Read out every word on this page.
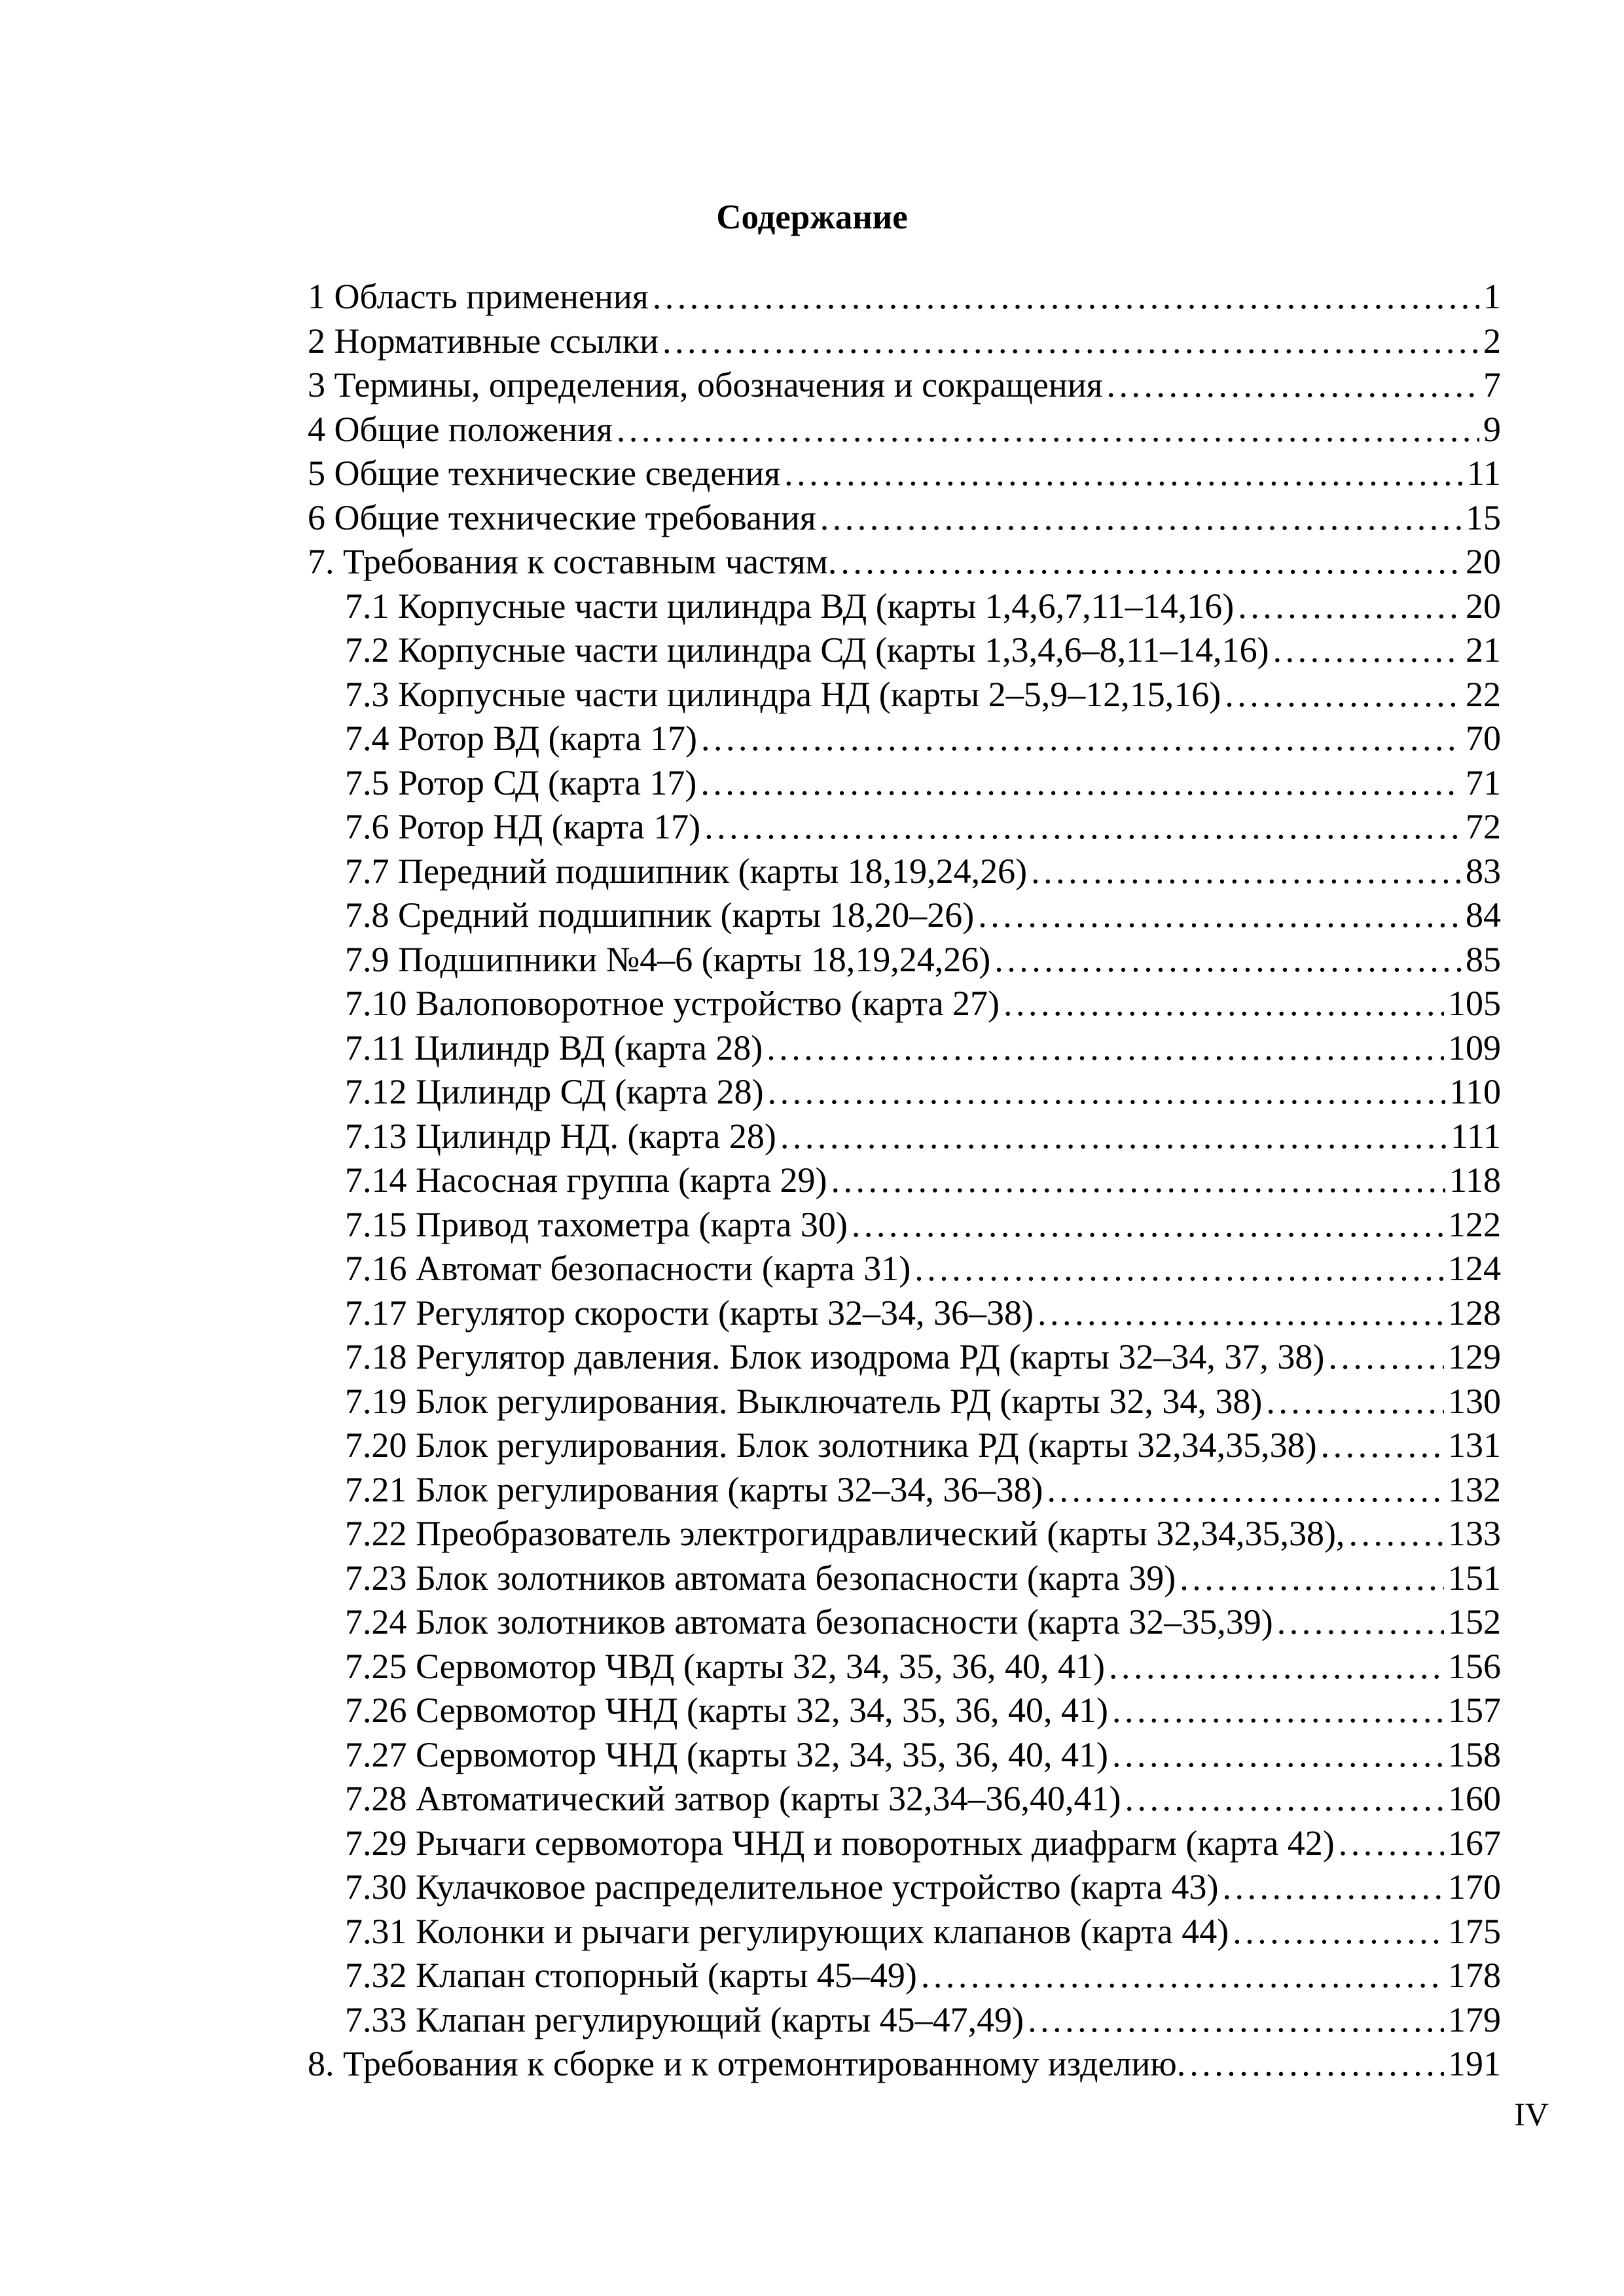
Содержание
1 Область применения . . .	1
2 Нормативные ссылки . . .	2
3 Термины, определения, обозначения и сокращения . . .	7
4 Общие положения . . .	9
5 Общие технические сведения . . .	11
6 Общие технические требования . . .	15
7. Требования к составным частям. . . .	20
7.1 Корпусные части цилиндра ВД (карты 1,4,6,7,11–14,16) . . .	20
7.2 Корпусные части цилиндра СД (карты 1,3,4,6–8,11–14,16) . . .	21
7.3 Корпусные части цилиндра НД (карты 2–5,9–12,15,16) . . .	22
7.4 Ротор ВД (карта 17) . . .	70
7.5 Ротор СД (карта 17) . . .	71
7.6 Ротор НД (карта 17) . . .	72
7.7 Передний подшипник (карты 18,19,24,26) . . .	83
7.8 Средний подшипник (карты 18,20–26) . . .	84
7.9 Подшипники №4–6 (карты 18,19,24,26) . . .	85
7.10 Валоповоротное устройство (карта 27) . . .	105
7.11 Цилиндр ВД (карта 28) . . .	109
7.12 Цилиндр СД (карта 28) . . .	110
7.13 Цилиндр НД. (карта 28) . . .	111
7.14 Насосная группа (карта 29) . . .	118
7.15 Привод тахометра (карта 30) . . .	122
7.16 Автомат безопасности (карта 31) . . .	124
7.17 Регулятор скорости (карты 32–34, 36–38) . . .	128
7.18 Регулятор давления. Блок изодрома РД (карты 32–34, 37, 38) . . .	129
7.19 Блок регулирования. Выключатель РД (карты 32, 34, 38) . . .	130
7.20 Блок регулирования. Блок золотника РД (карты 32,34,35,38) . . .	131
7.21 Блок регулирования (карты 32–34, 36–38) . . .	132
7.22 Преобразователь электрогидравлический (карты 32,34,35,38), . . .	133
7.23 Блок золотников автомата безопасности (карта 39) . . .	151
7.24 Блок золотников автомата безопасности (карта 32–35,39) . . .	152
7.25 Сервомотор ЧВД (карты 32, 34, 35, 36, 40, 41) . . .	156
7.26 Сервомотор ЧНД (карты 32, 34, 35, 36, 40, 41) . . .	157
7.27 Сервомотор ЧНД (карты 32, 34, 35, 36, 40, 41) . . .	158
7.28 Автоматический затвор (карты 32,34–36,40,41) . . .	160
7.29 Рычаги сервомотора ЧНД и поворотных диафрагм (карта 42) . . .	167
7.30 Кулачковое распределительное устройство (карта 43) . . .	170
7.31 Колонки и рычаги регулирующих клапанов (карта 44) . . .	175
7.32 Клапан стопорный (карты 45–49) . . .	178
7.33 Клапан регулирующий (карты 45–47,49) . . .	179
8. Требования к сборке и к отремонтированному изделию. . . .	191
IV
